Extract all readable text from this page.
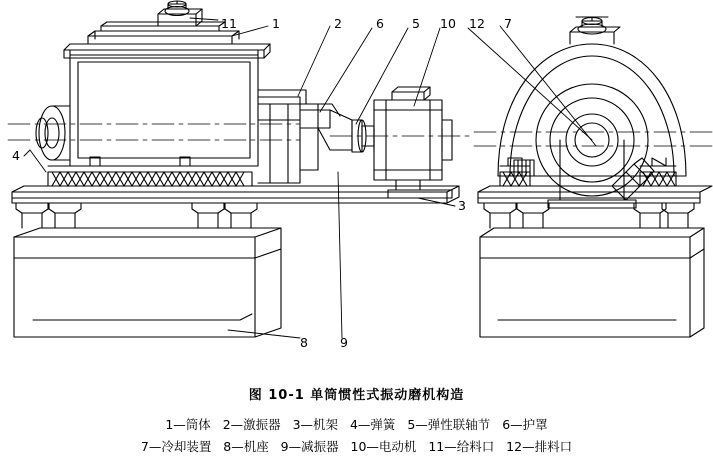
11	1	2	6 5 10 12 7
4
3
8	9
图 10-1 单筒惯性式振动磨机构造
1—筒体   2—激振器   3—机架   4—弹簧   5—弹性联轴节   6—护罩
7—冷却装置   8—机座   9—减振器   10—电动机   11—给料口   12—排料口
